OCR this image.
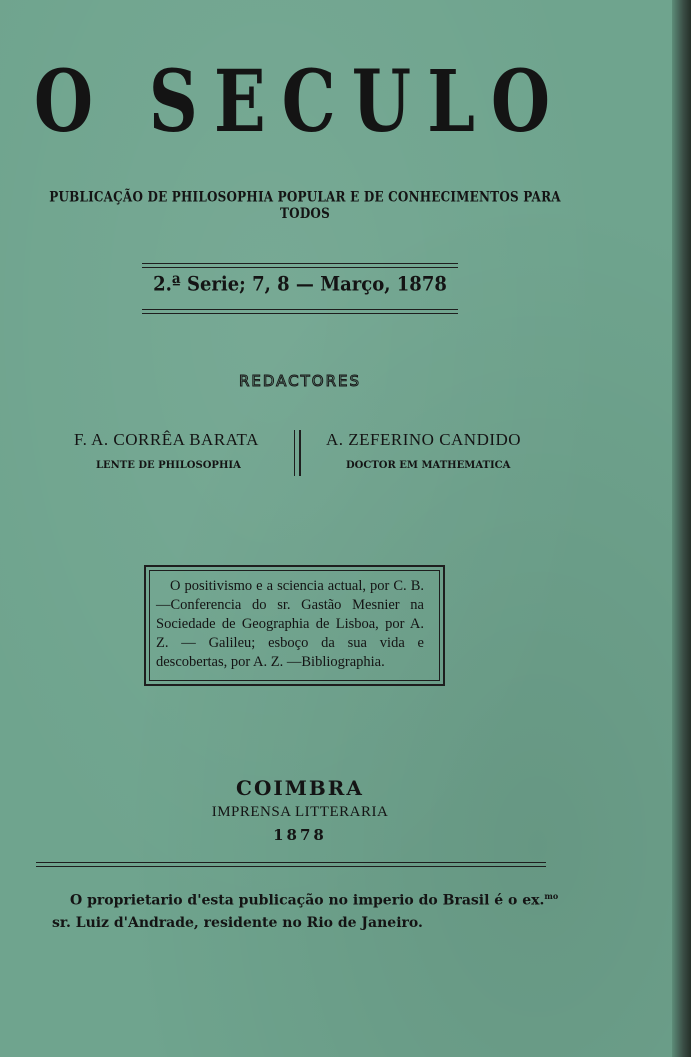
O SECULO
PUBLICAÇÃO DE PHILOSOPHIA POPULAR E DE CONHECIMENTOS PARA TODOS
2.ª Serie; 7, 8 — Março, 1878
REDACTORES
F. A. CORRÊA BARATA
LENTE DE PHILOSOPHIA
A. ZEFERINO CANDIDO
DOCTOR EM MATHEMATICA
O positivismo e a sciencia actual, por C. B.—Conferencia do sr. Gastão Mesnier na Sociedade de Geographia de Lisboa, por A. Z. — Galileu; esboço da sua vida e descobertas, por A. Z. —Bibliographia.
COIMBRA
IMPRENSA LITTERARIA
1878
O proprietario d'esta publicação no imperio do Brasil é o ex.$^{mo}$
sr. Luiz d'Andrade, residente no Rio de Janeiro.
